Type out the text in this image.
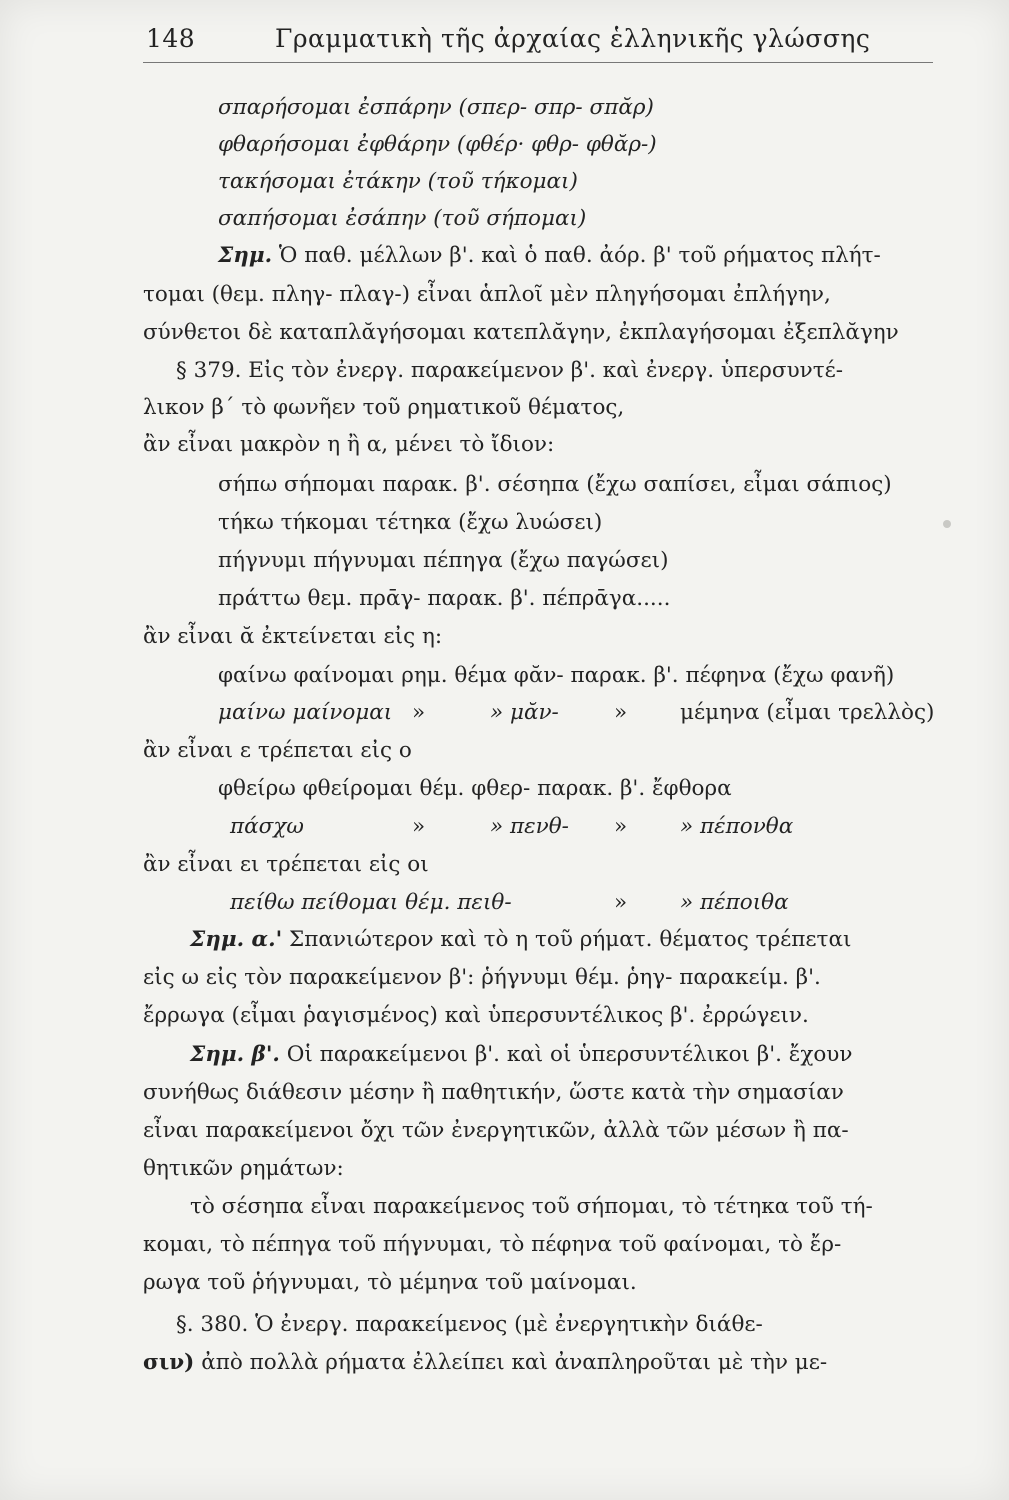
148	Γραμματικὴ τῆς ἀρχαίας ἑλληνικῆς γλώσσης
σπαρήσομαι ἐσπάρην (σπερ- σπρ- σπᾰρ)
φθαρήσομαι ἐφθάρην (φθέρ· φθρ- φθᾰρ-)
τακήσομαι ἐτάκην (τοῦ τήκομαι)
σαπήσομαι ἐσάπην (τοῦ σήπομαι)
Σημ. Ὁ παθ. μέλλων β'. καὶ ὁ παθ. ἀόρ. β' τοῦ ρήματος πλήτ-
τομαι (θεμ. πληγ- πλαγ-) εἶναι ἁπλοῖ μὲν πληγήσομαι ἐπλήγην,
σύνθετοι δὲ καταπλᾰγήσομαι κατεπλᾰγην, ἐκπλαγήσομαι ἐξεπλᾰγην
§ 379. Εἰς τὸν ἐνεργ. παρακείμενον β'. καὶ ἐνεργ. ὑπερσυντέ-
λικον β΄ τὸ φωνῆεν τοῦ ρηματικοῦ θέματος,
ἂν εἶναι μακρὸν η ἢ α, μένει τὸ ἴδιον:
σήπω σήπομαι παρακ. β'. σέσηπα (ἔχω σαπίσει, εἶμαι σάπιος)
τήκω τήκομαι τέτηκα (ἔχω λυώσει)
πήγνυμι πήγνυμαι πέπηγα (ἔχω παγώσει)
πράττω θεμ. πρᾱγ- παρακ. β'. πέπρᾱγα.....
ἂν εἶναι ᾰ ἐκτείνεται εἰς η:
φαίνω φαίνομαι ρημ. θέμα φᾰν- παρακ. β'. πέφηνα (ἔχω φανῆ)
μαίνω μαίνομαι »	» μᾰν-	» μέμηνα (εἶμαι τρελλὸς)
ἂν εἶναι ε τρέπεται εἰς ο
φθείρω φθείρομαι θέμ. φθερ- παρακ. β'. ἔφθορα
πάσχω	»	» πενθ- » » πέπονθα
ἂν εἶναι ει τρέπεται εἰς οι
πείθω πείθομαι θέμ. πειθ-	» » πέποιθα
Σημ. α.' Σπανιώτερον καὶ τὸ η τοῦ ρήματ. θέματος τρέπεται
εἰς ω εἰς τὸν παρακείμενον β': ῥήγνυμι θέμ. ῥηγ- παρακείμ. β'.
ἔρρωγα (εἶμαι ῥαγισμένος) καὶ ὑπερσυντέλικος β'. ἐρρώγειν.
Σημ. β'. Οἱ παρακείμενοι β'. καὶ οἱ ὑπερσυντέλικοι β'. ἔχουν
συνήθως διάθεσιν μέσην ἢ παθητικήν, ὥστε κατὰ τὴν σημασίαν
εἶναι παρακείμενοι ὄχι τῶν ἐνεργητικῶν, ἀλλὰ τῶν μέσων ἢ πα-
θητικῶν ρημάτων:
τὸ σέσηπα εἶναι παρακείμενος τοῦ σήπομαι, τὸ τέτηκα τοῦ τή-
κομαι, τὸ πέπηγα τοῦ πήγνυμαι, τὸ πέφηνα τοῦ φαίνομαι, τὸ ἔρ-
ρωγα τοῦ ῥήγνυμαι, τὸ μέμηνα τοῦ μαίνομαι.
§. 380. Ὁ ἐνεργ. παρακείμενος (μὲ ἐνεργητικὴν διάθε-
σιν) ἀπὸ πολλὰ ρήματα ἐλλείπει καὶ ἀναπληροῦται μὲ τὴν με-
